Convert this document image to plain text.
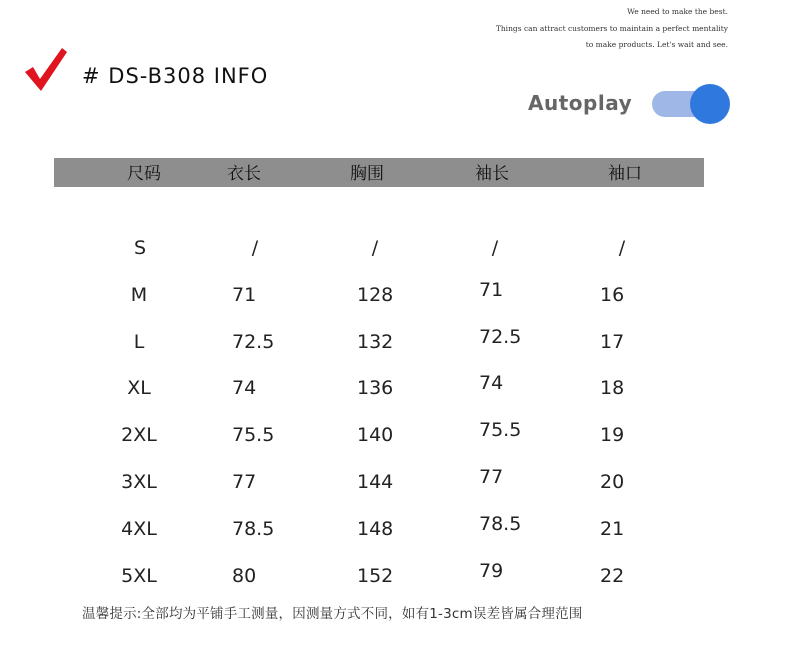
We need to make the best.
Things can attract customers to maintain a perfect mentality
to make products. Let's wait and see.
# DS-B308 INFO
Autoplay
尺码	衣长	胸围	袖长	袖口
S	/	/	/	/
M	71	128	71	16
L	72.5	132	72.5	17
XL	74	136	74	18
2XL	75.5	140	75.5	19
3XL	77	144	77	20
4XL	78.5	148	78.5	21
5XL	80	152	79	22
温馨提示:全部均为平铺手工测量，因测量方式不同，如有1-3cm误差皆属合理范围
